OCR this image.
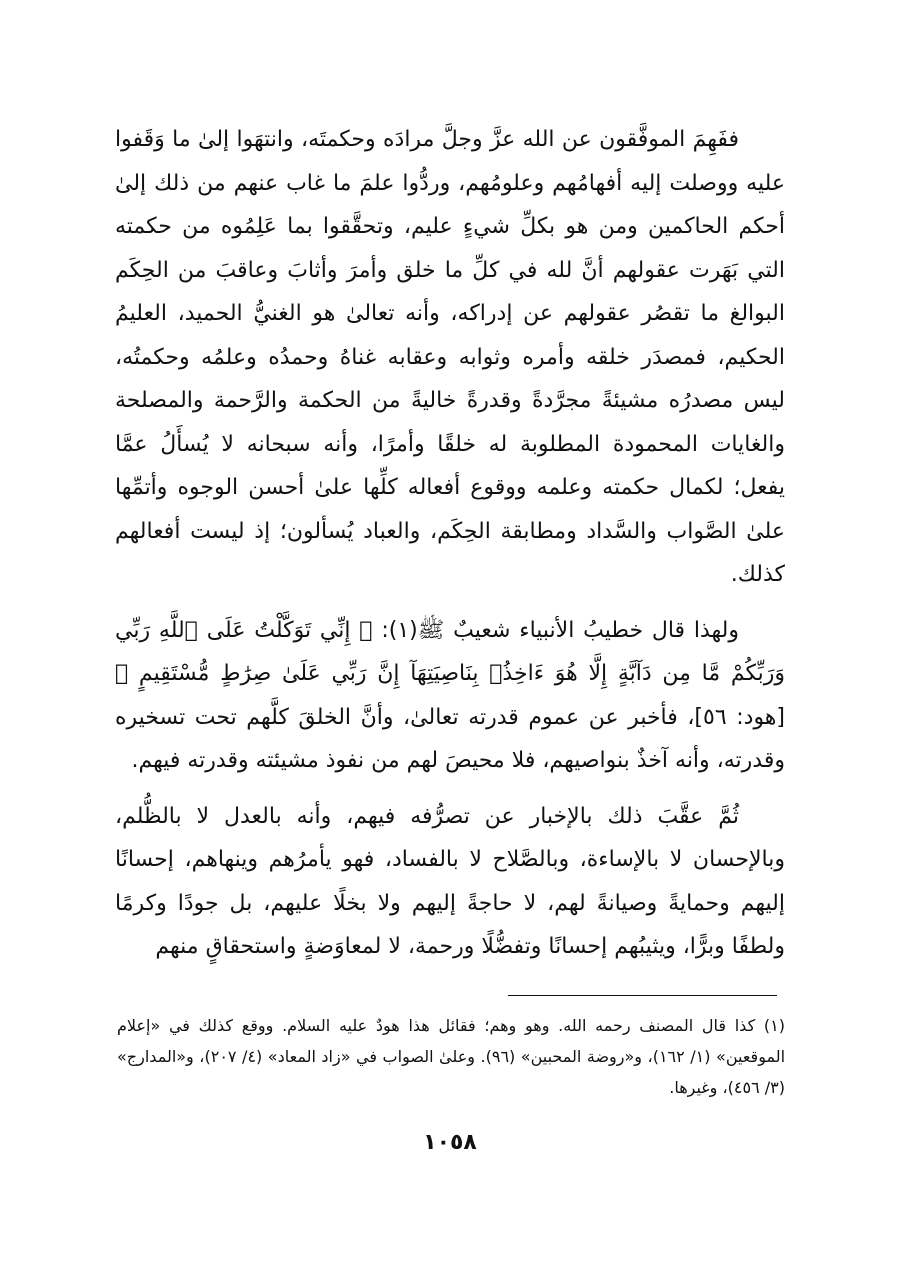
ففَهِمَ الموفَّقون عن الله عزَّ وجلَّ مرادَه وحكمتَه، وانتهَوا إلىٰ ما وَقَفوا عليه ووصلت إليه أفهامُهم وعلومُهم، وردُّوا علمَ ما غاب عنهم من ذلك إلىٰ أحكم الحاكمين ومن هو بكلِّ شيءٍ عليم، وتحقَّقوا بما عَلِمُوه من حكمته التي بَهَرت عقولهم أنَّ لله في كلِّ ما خلق وأمرَ وأثابَ وعاقبَ من الحِكَم البوالغ ما تقصُر عقولهم عن إدراكه، وأنه تعالىٰ هو الغنيُّ الحميد، العليمُ الحكيم، فمصدَر خلقه وأمره وثوابه وعقابه غناهُ وحمدُه وعلمُه وحكمتُه، ليس مصدرُه مشيئةً مجرَّدةً وقدرةً خاليةً من الحكمة والرَّحمة والمصلحة والغايات المحمودة المطلوبة له خلقًا وأمرًا، وأنه سبحانه لا يُسأَلُ عمَّا يفعل؛ لكمال حكمته وعلمه ووقوع أفعاله كلِّها علىٰ أحسن الوجوه وأتمِّها علىٰ الصَّواب والسَّداد ومطابقة الحِكَم، والعباد يُسألون؛ إذ ليست أفعالهم كذلك.

ولهذا قال خطيبُ الأنبياء شعيبٌ ﷺ(١): ﴿ إِنِّي تَوَكَّلْتُ عَلَى ٱللَّهِ رَبِّي وَرَبِّكُمْ مَّا مِن دَآبَّةٍ إِلَّا هُوَ ءَاخِذُۢ بِنَاصِيَتِهَآ إِنَّ رَبِّي عَلَىٰ صِرَٰطٍ مُّسْتَقِيمٍ ﴾ [هود: ٥٦]، فأخبر عن عموم قدرته تعالىٰ، وأنَّ الخلقَ كلَّهم تحت تسخيره وقدرته، وأنه آخذٌ بنواصيهم، فلا محيصَ لهم من نفوذ مشيئته وقدرته فيهم.

ثُمَّ عقَّبَ ذلك بالإخبار عن تصرُّفه فيهم، وأنه بالعدل لا بالظُّلم، وبالإحسان لا بالإساءة، وبالصَّلاح لا بالفساد، فهو يأمرُهم وينهاهم، إحسانًا إليهم وحمايةً وصيانةً لهم، لا حاجةً إليهم ولا بخلًا عليهم، بل جودًا وكرمًا ولطفًا وبرًّا، ويثيبُهم إحسانًا وتفضُّلًا ورحمة، لا لمعاوَضةٍ واستحقاقٍ منهم

(١) كذا قال المصنف رحمه الله. وهو وهم؛ فقائل هذا هودٌ عليه السلام. ووقع كذلك في «إعلام الموقعين» (١/ ١٦٢)، و«روضة المحبين» (٩٦). وعلىٰ الصواب في «زاد المعاد» (٤/ ٢٠٧)، و«المدارج» (٣/ ٤٥٦)، وغيرها.

١٠٥٨
